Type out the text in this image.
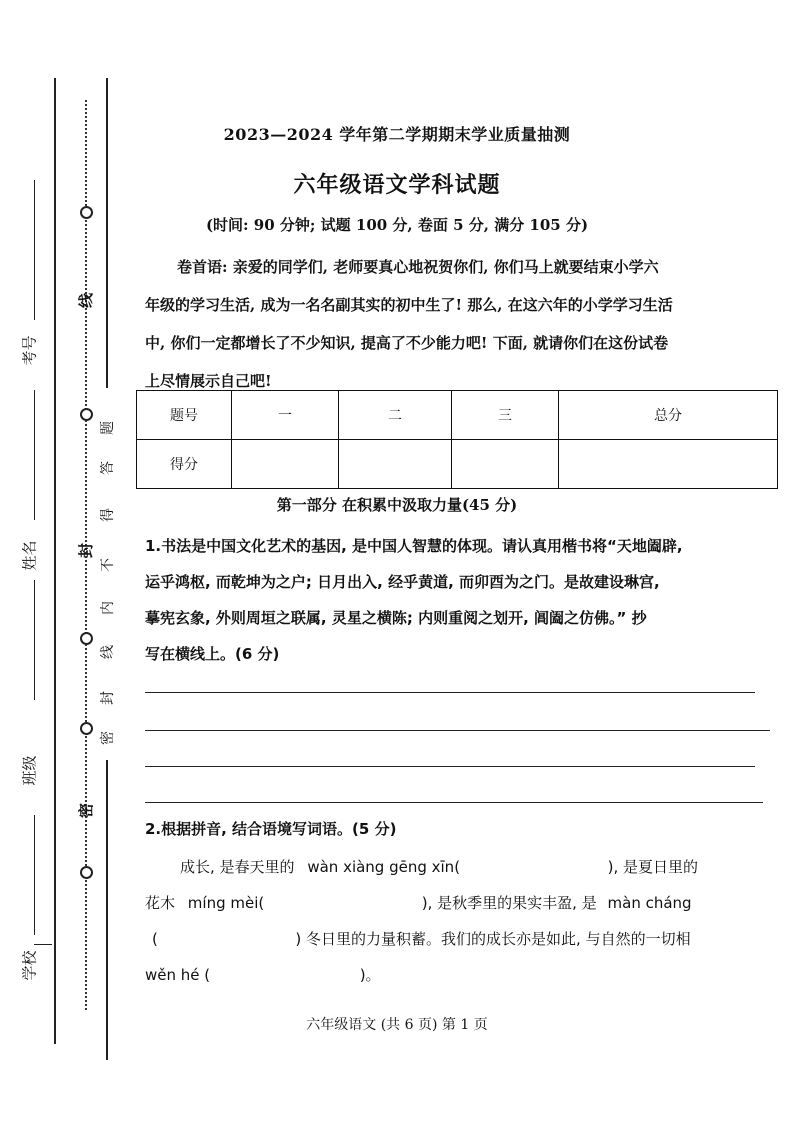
考号
姓名
班级
学校
线
封
密
题
答
得
不
内
线
封
密
2023—2024 学年第二学期期末学业质量抽测
六年级语文学科试题
(时间: 90 分钟; 试题 100 分, 卷面 5 分, 满分 105 分)

卷首语: 亲爱的同学们, 老师要真心地祝贺你们, 你们马上就要结束小学六

年级的学习生活, 成为一名名副其实的初中生了! 那么, 在这六年的小学学习生活

中, 你们一定都增长了不少知识, 提高了不少能力吧! 下面, 就请你们在这份试卷

上尽情展示自己吧!

题号	一	二	三	总分
得分				
第一部分 在积累中汲取力量(45 分)

1.书法是中国文化艺术的基因, 是中国人智慧的体现。请认真用楷书将“天地阖辟,

运乎鸿枢, 而乾坤为之户; 日月出入, 经乎黄道, 而卯酉为之门。是故建设琳宫,

摹宪玄象, 外则周垣之联属, 灵星之横陈; 内则重阅之划开, 阊阖之仿佛。” 抄

写在横线上。(6 分)

2.根据拼音, 结合语境写词语。(5 分)
成长, 是春天里的 wàn xiàng gēng xīn(	), 是夏日里的
花木 míng mèi(	), 是秋季里的果实丰盈, 是 màn cháng
(	) 冬日里的力量积蓄。我们的成长亦是如此, 与自然的一切相
wěn hé (	)。
六年级语文 (共 6 页) 第 1 页
